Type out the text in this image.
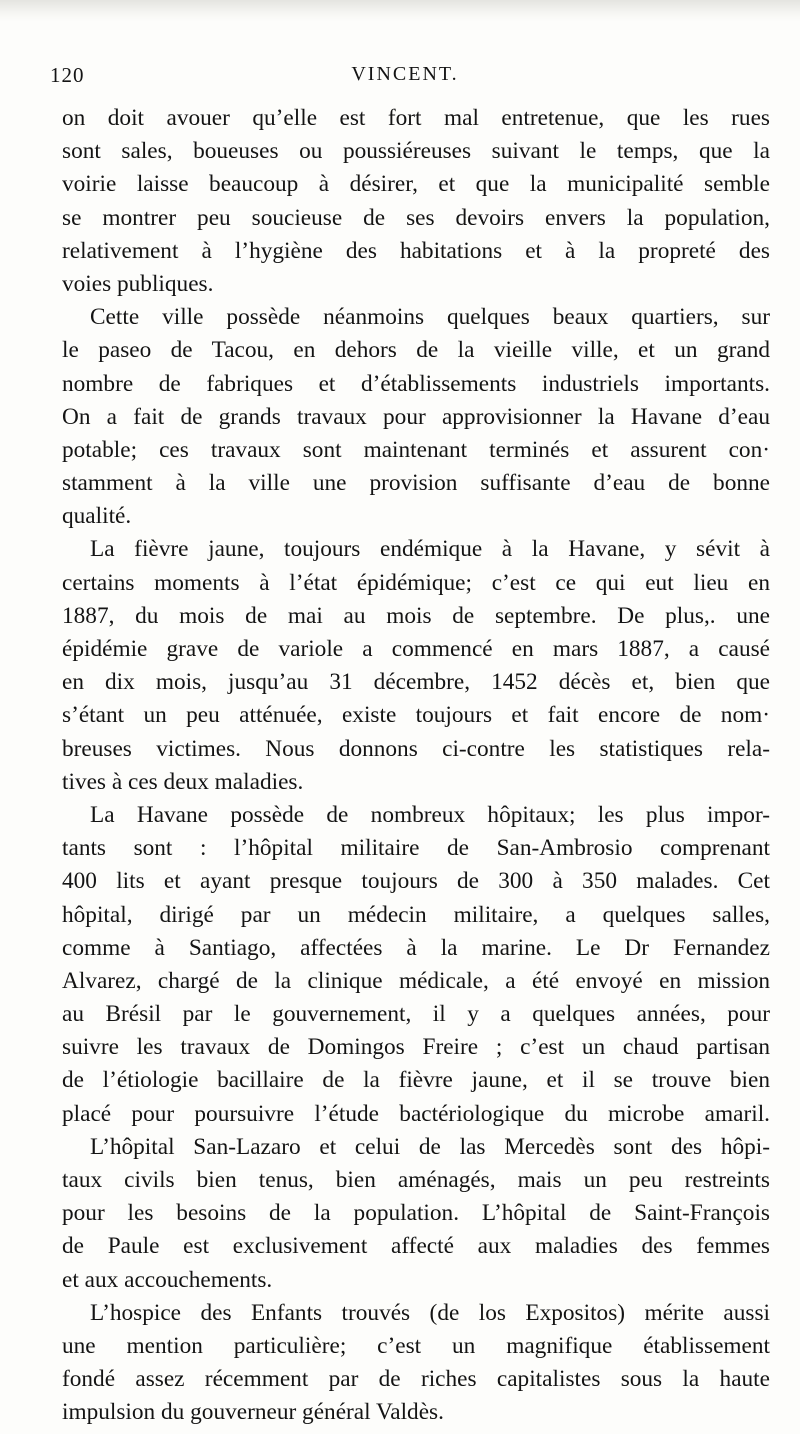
120	VINCENT.
on doit avouer qu’elle est fort mal entretenue, que les rues
sont sales, boueuses ou poussiéreuses suivant le temps, que la
voirie laisse beaucoup à désirer, et que la municipalité semble
se montrer peu soucieuse de ses devoirs envers la population,
relativement à l’hygiène des habitations et à la propreté des
voies publiques.
Cette ville possède néanmoins quelques beaux quartiers, sur
le paseo de Tacou, en dehors de la vieille ville, et un grand
nombre de fabriques et d’établissements industriels importants.
On a fait de grands travaux pour approvisionner la Havane d’eau
potable; ces travaux sont maintenant terminés et assurent con·
stamment à la ville une provision suffisante d’eau de bonne
qualité.
La fièvre jaune, toujours endémique à la Havane, y sévit à
certains moments à l’état épidémique; c’est ce qui eut lieu en
1887, du mois de mai au mois de septembre. De plus,. une
épidémie grave de variole a commencé en mars 1887, a causé
en dix mois, jusqu’au 31 décembre, 1452 décès et, bien que
s’étant un peu atténuée, existe toujours et fait encore de nom·
breuses victimes. Nous donnons ci-contre les statistiques rela-
tives à ces deux maladies.
La Havane possède de nombreux hôpitaux; les plus impor-
tants sont : l’hôpital militaire de San-Ambrosio comprenant
400 lits et ayant presque toujours de 300 à 350 malades. Cet
hôpital, dirigé par un médecin militaire, a quelques salles,
comme à Santiago, affectées à la marine. Le Dr Fernandez
Alvarez, chargé de la clinique médicale, a été envoyé en mission
au Brésil par le gouvernement, il y a quelques années, pour
suivre les travaux de Domingos Freire ; c’est un chaud partisan
de l’étiologie bacillaire de la fièvre jaune, et il se trouve bien
placé pour poursuivre l’étude bactériologique du microbe amaril.
L’hôpital San-Lazaro et celui de las Mercedès sont des hôpi-
taux civils bien tenus, bien aménagés, mais un peu restreints
pour les besoins de la population. L’hôpital de Saint-François
de Paule est exclusivement affecté aux maladies des femmes
et aux accouchements.
L’hospice des Enfants trouvés (de los Expositos) mérite aussi
une mention particulière; c’est un magnifique établissement
fondé assez récemment par de riches capitalistes sous la haute
impulsion du gouverneur général Valdès.
